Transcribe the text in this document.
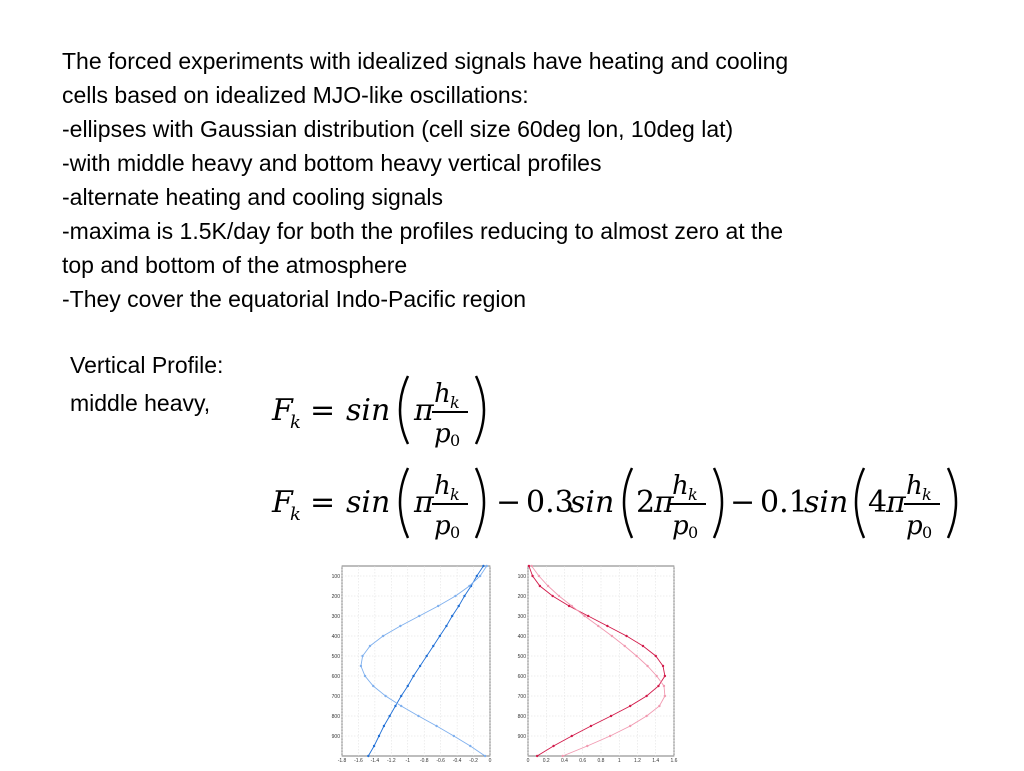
The forced experiments with idealized signals have heating and cooling
cells based on idealized MJO-like oscillations:
-ellipses with Gaussian distribution (cell size 60deg lon, 10deg lat)
-with middle heavy and bottom heavy vertical profiles
-alternate heating and cooling signals
-maxima is 1.5K/day for both the profiles reducing to almost zero at the
top and bottom of the atmosphere
-They cover the equatorial Indo-Pacific region
Vertical Profile:
middle heavy,	F
k = sin π h k
p 0
F
k = sin π h k
p 0
− 0.3
sin 2
π
h k
p 0
− 0.1
sin 4
π h k
p 0
-1.8 -1.6 -1.4 -1.2 -1 -0.8 -0.6 -0.4 -0.2 0
100
200
300
400
500
600
700
800
900
0	0.2 0.4 0.6 0.8	1	1.2 1.4 1.6
100
200
300
400
500
600
700
800
900
